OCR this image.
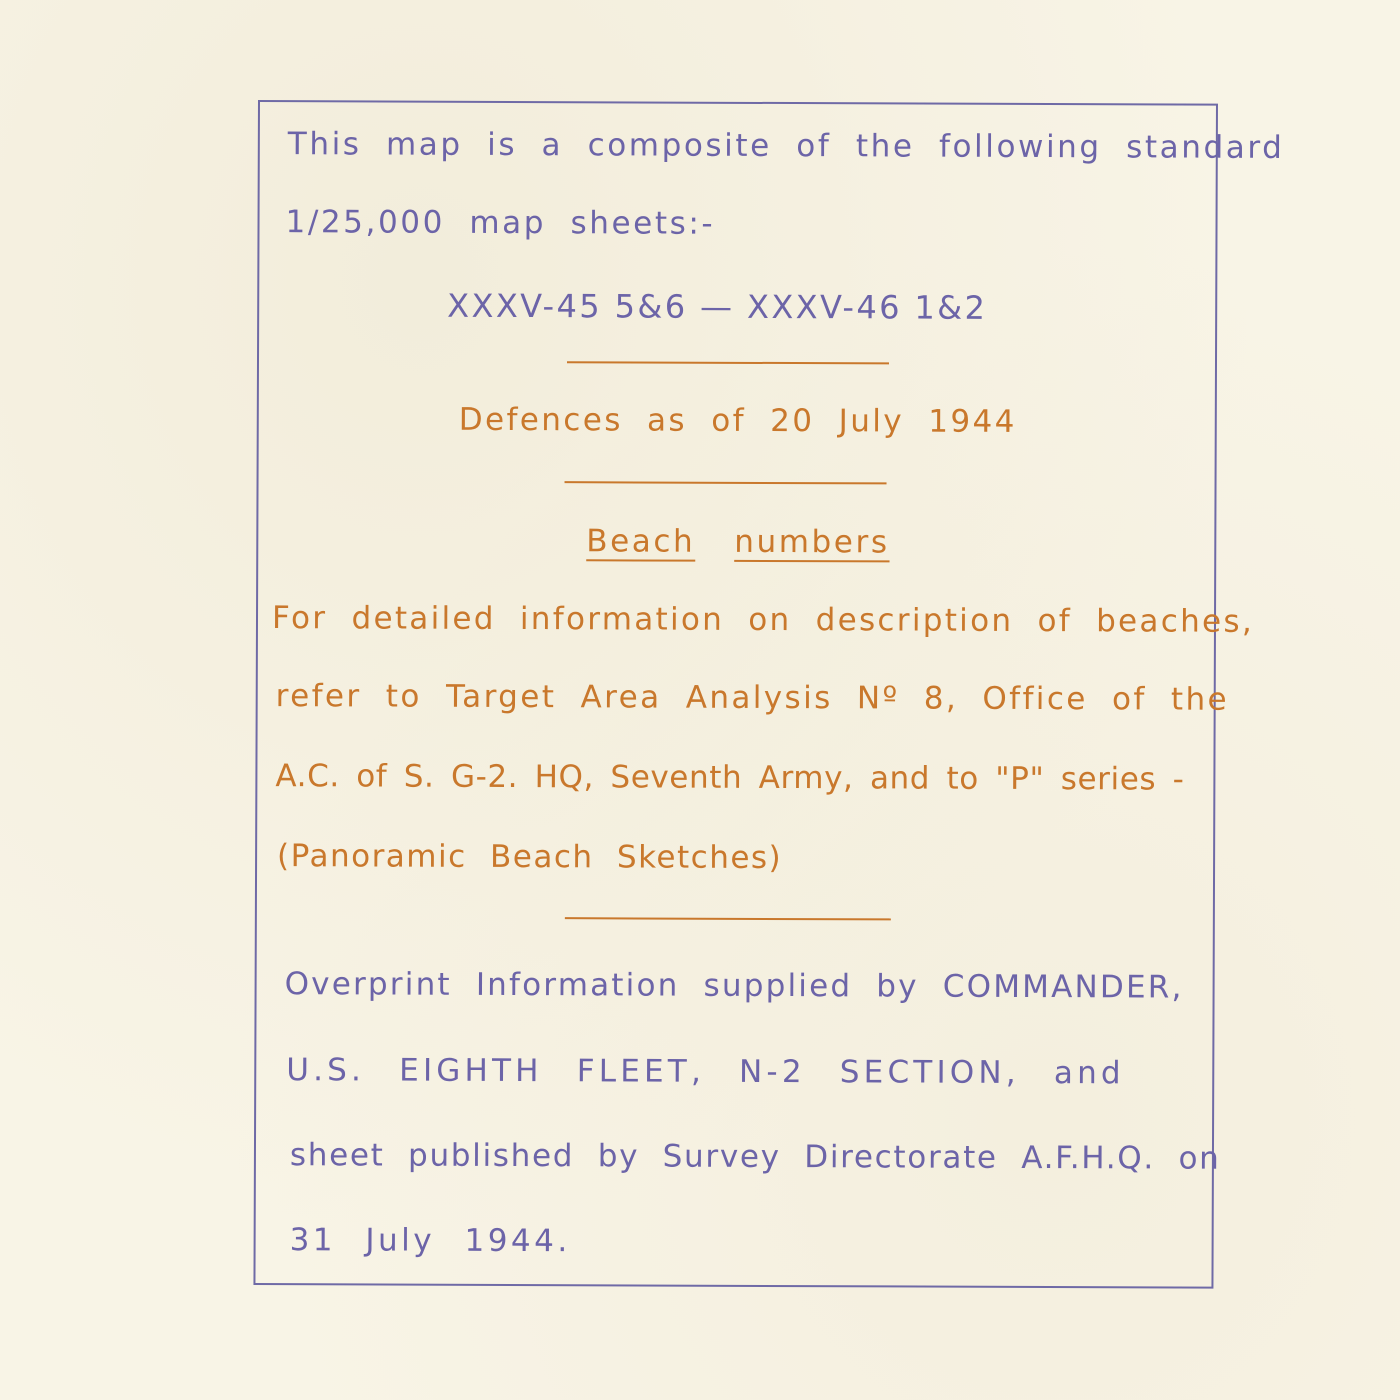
This map is a composite of the following standard
1/25,000 map sheets:-
XXXV-45 5&6 — XXXV-46 1&2
Defences as of 20 July 1944
Beach numbers
For detailed information on description of beaches,
refer to Target Area Analysis Nº 8, Office of the
A.C. of S. G-2. HQ, Seventh Army, and to "P" series -
(Panoramic Beach Sketches)
Overprint Information supplied by COMMANDER,
U.S. EIGHTH FLEET, N-2 SECTION, and
sheet published by Survey Directorate A.F.H.Q. on
31 July 1944.
